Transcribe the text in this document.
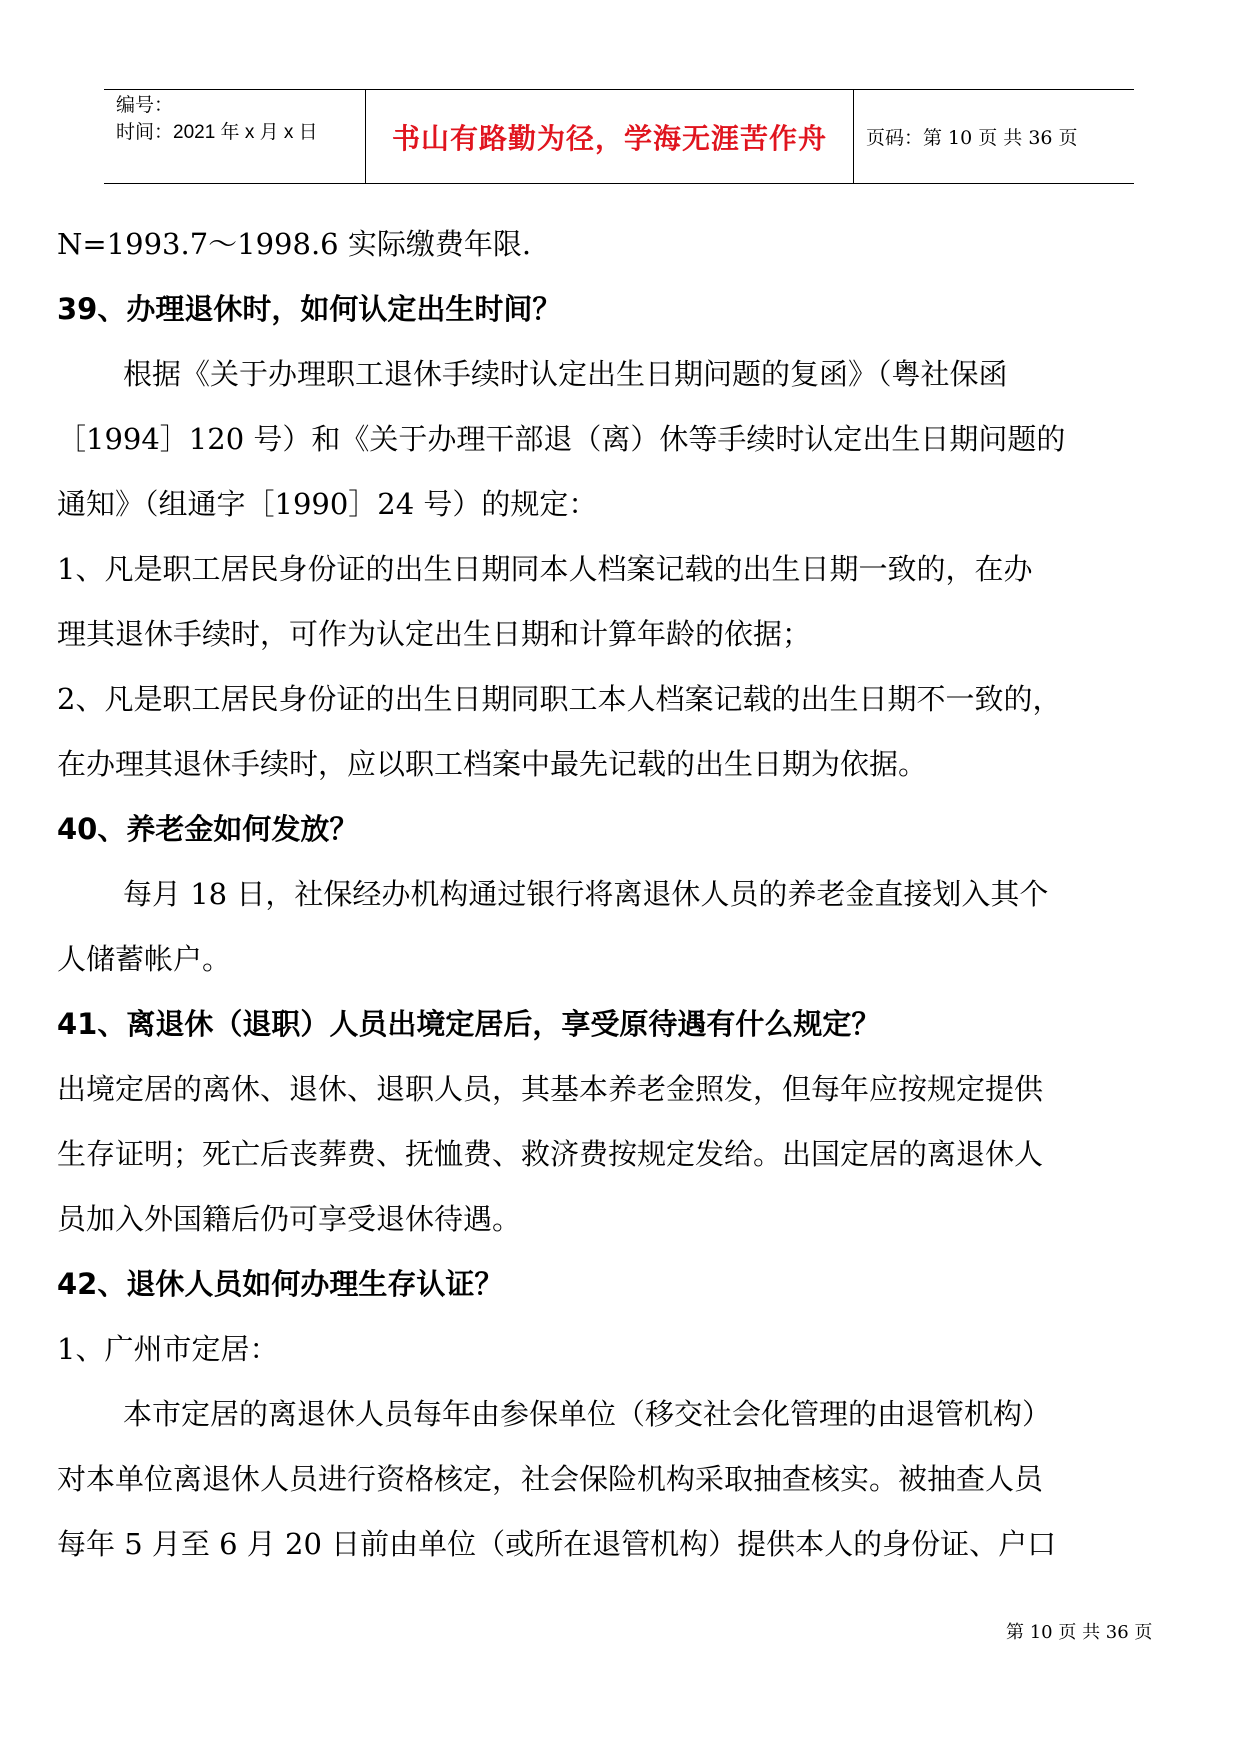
编号：
时间：2021 年 x 月 x 日	书山有路勤为径，学海无涯苦作舟	页码：第 10 页 共 36 页
N=1993.7～1998.6 实际缴费年限.
39、办理退休时，如何认定出生时间？
根据《关于办理职工退休手续时认定出生日期问题的复函》（粤社保函
［1994］120 号）和《关于办理干部退（离）休等手续时认定出生日期问题的
通知》（组通字［1990］24 号）的规定：
1、凡是职工居民身份证的出生日期同本人档案记载的出生日期一致的，在办
理其退休手续时，可作为认定出生日期和计算年龄的依据；
2、凡是职工居民身份证的出生日期同职工本人档案记载的出生日期不一致的，
在办理其退休手续时，应以职工档案中最先记载的出生日期为依据。
40、养老金如何发放？
每月 18 日，社保经办机构通过银行将离退休人员的养老金直接划入其个
人储蓄帐户。
41、离退休（退职）人员出境定居后，享受原待遇有什么规定？
出境定居的离休、退休、退职人员，其基本养老金照发，但每年应按规定提供
生存证明；死亡后丧葬费、抚恤费、救济费按规定发给。出国定居的离退休人
员加入外国籍后仍可享受退休待遇。
42、退休人员如何办理生存认证？
1、广州市定居：
本市定居的离退休人员每年由参保单位（移交社会化管理的由退管机构）
对本单位离退休人员进行资格核定，社会保险机构采取抽查核实。被抽查人员
每年 5 月至 6 月 20 日前由单位（或所在退管机构）提供本人的身份证、户口
第 10 页 共 36 页
